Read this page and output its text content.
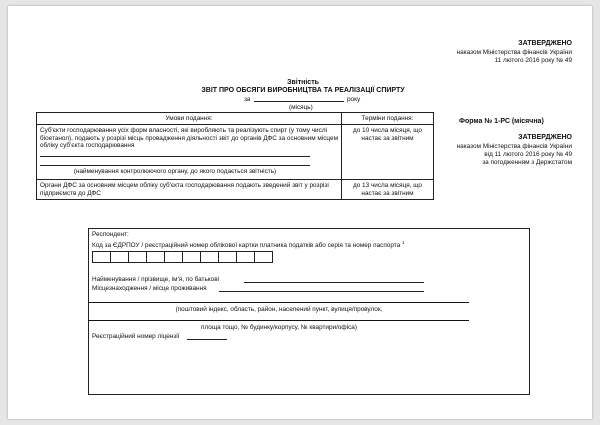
ЗАТВЕРДЖЕНО
наказом Міністерства фінансів України
11 лютого 2016 року № 49
Звітність
ЗВІТ ПРО ОБСЯГИ ВИРОБНИЦТВА ТА РЕАЛІЗАЦІЇ СПИРТУ
за	року
(місяць)
Форма № 1-РС (місячна)
ЗАТВЕРДЖЕНО
наказом Міністерства фінансів України
від 11 лютого 2016 року № 49
за погодженням з Держстатом
Умови подання:	Терміни подання:

Суб'єкти господарювання усіх форм власності, які виробляють та реалізують спирт (у тому числі біоетанол), подають у розрізі місць провадження діяльності звіт до органів ДФС за основним місцем обліку суб'єкта господарювання
(найменування контролюючого органу, до якого подається звітність)	до 10 числа місяця, що настає за звітним
Органи ДФС за основним місцем обліку суб'єкта господарювання подають зведений звіт у розрізі підприємств до ДФС	до 13 числа місяця, що настає за звітним
Респондент:
Код за ЄДРПОУ / реєстраційний номер облікової картки платника податків або серія та номер паспорта $^1$
Найменування / прізвище, ім'я, по батькові
Місцезнаходження / місце проживання
(поштовий індекс, область, район, населений пункт, вулиця/провулок,
площа тощо, № будинку/корпусу, № квартири/офіса)
Реєстраційний номер ліцензії
